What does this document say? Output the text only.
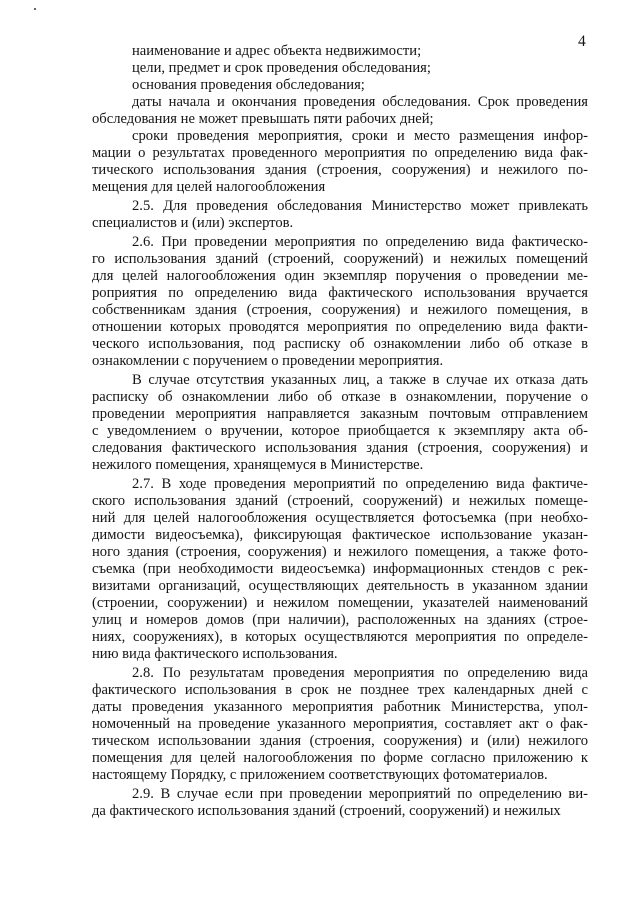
4

наименование и адрес объекта недвижимости;

цели, предмет и срок проведения обследования;

основания проведения обследования;

даты начала и окончания проведения обследования. Срок проведения
обследования не может превышать пяти рабочих дней;

сроки проведения мероприятия, сроки и место размещения инфор-
мации о результатах проведенного мероприятия по определению вида фак-
тического использования здания (строения, сооружения) и нежилого по-
мещения для целей налогообложения

2.5. Для проведения обследования Министерство может привлекать
специалистов и (или) экспертов.

2.6. При проведении мероприятия по определению вида фактическо-
го использования зданий (строений, сооружений) и нежилых помещений
для целей налогообложения один экземпляр поручения о проведении ме-
роприятия по определению вида фактического использования вручается
собственникам здания (строения, сооружения) и нежилого помещения, в
отношении которых проводятся мероприятия по определению вида факти-
ческого использования, под расписку об ознакомлении либо об отказе в
ознакомлении с поручением о проведении мероприятия.

В случае отсутствия указанных лиц, а также в случае их отказа дать
расписку об ознакомлении либо об отказе в ознакомлении, поручение о
проведении мероприятия направляется заказным почтовым отправлением
с уведомлением о вручении, которое приобщается к экземпляру акта об-
следования фактического использования здания (строения, сооружения) и
нежилого помещения, хранящемуся в Министерстве.

2.7. В ходе проведения мероприятий по определению вида фактиче-
ского использования зданий (строений, сооружений) и нежилых помеще-
ний для целей налогообложения осуществляется фотосъемка (при необхо-
димости видеосъемка), фиксирующая фактическое использование указан-
ного здания (строения, сооружения) и нежилого помещения, а также фото-
съемка (при необходимости видеосъемка) информационных стендов с рек-
визитами организаций, осуществляющих деятельность в указанном здании
(строении, сооружении) и нежилом помещении, указателей наименований
улиц и номеров домов (при наличии), расположенных на зданиях (строе-
ниях, сооружениях), в которых осуществляются мероприятия по определе-
нию вида фактического использования.

2.8. По результатам проведения мероприятия по определению вида
фактического использования в срок не позднее трех календарных дней с
даты проведения указанного мероприятия работник Министерства, упол-
номоченный на проведение указанного мероприятия, составляет акт о фак-
тическом использовании здания (строения, сооружения) и (или) нежилого
помещения для целей налогообложения по форме согласно приложению к
настоящему Порядку, с приложением соответствующих фотоматериалов.

2.9. В случае если при проведении мероприятий по определению ви-
да фактического использования зданий (строений, сооружений) и нежилых
